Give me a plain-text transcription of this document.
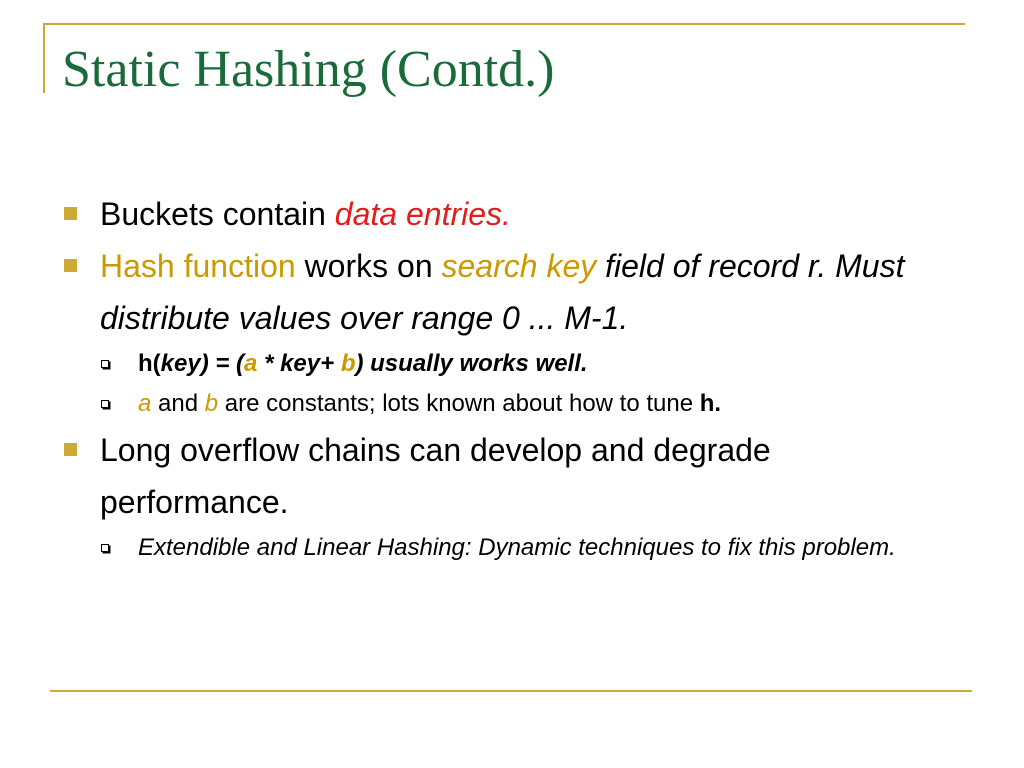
Static Hashing (Contd.)

Buckets contain data entries.

Hash function works on search key field of record r. Must distribute values over range 0 ... M-1.

h(key) = (a * key+ b) usually works well.
a and b are constants; lots known about how to tune h.

Long overflow chains can develop and degrade performance.

Extendible and Linear Hashing: Dynamic techniques to fix this problem.
